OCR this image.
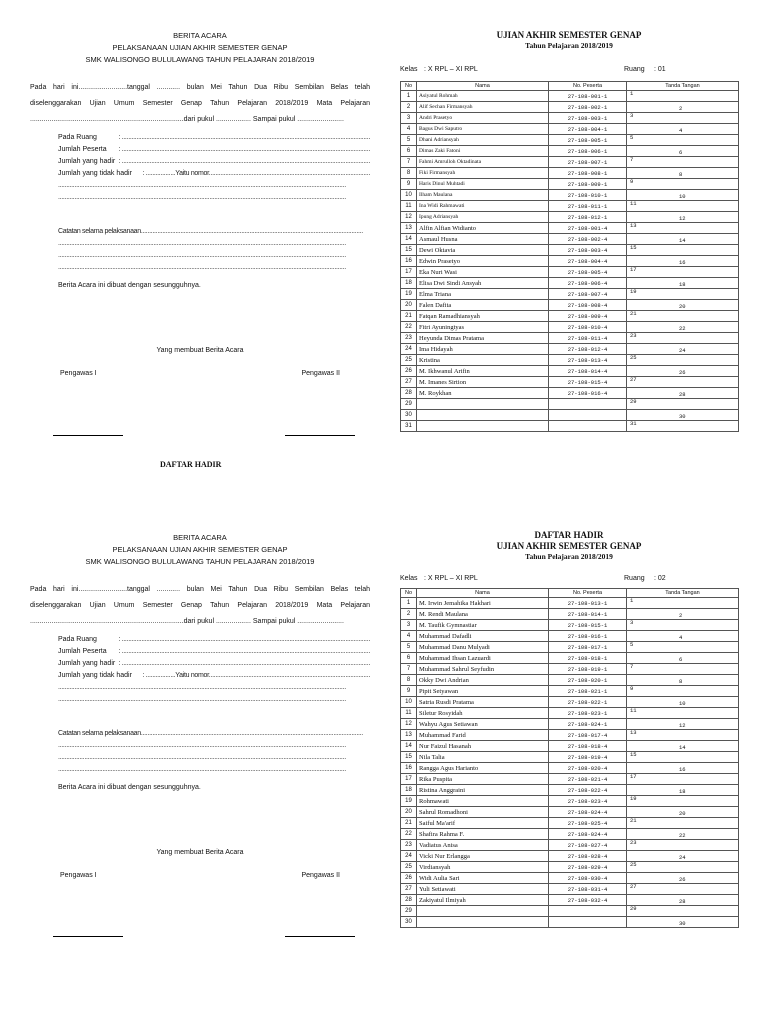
BERITA ACARA
PELAKSANAAN UJIAN AKHIR SEMESTER GENAP
SMK WALISONGO BULULAWANG TAHUN PELAJARAN 2018/2019
Pada hari ini.........................tanggal ............ bulan Mei Tahun Dua Ribu Sembilan Belas telah diselenggarakan Ujian Umum Semester Genap Tahun Pelajaran 2018/2019 Mata Pelajaran ...............................................................................dari pukul .................. Sampai pukul ........................
Pada Ruang	: .......................................................................................................................................................
Jumlah Peserta	: .......................................................................................................................................................
Jumlah yang hadir : .......................................................................................................................................................
Jumlah yang tidak hadir	: ..................Yaitu nomor..................................................................................................
...............................................................................................................................................................................
...............................................................................................................................................................................
Catatan selama pelaksanaan.......................................................................................................................................
...............................................................................................................................................................................
...............................................................................................................................................................................
...............................................................................................................................................................................
Berita Acara ini dibuat dengan sesungguhnya.
Yang membuat Berita Acara
Pengawas I	Pengawas II
UJIAN AKHIR SEMESTER GENAP
Tahun Pelajaran 2018/2019
Kelas : X RPL – XI RPL	Ruang	: 01
No	Nama	No. Peserta	Tanda Tangan
1	Asiyatul Rohmah	27-108-001-1	1

2	Alif Sechan Firmansyah	27-108-002-1	2

3	Andri Prasetyo	27-108-003-1	3

4	Bagus Dwi Saputro	27-108-004-1	4

5	Dhani Adriansyah	27-108-005-1	5

6	Dimas Zaki Fatoni	27-108-006-1	6

7	Fahmi Amrulloh Oktadinata	27-108-007-1	7

8	Fiki Firmansyah	27-108-008-1	8

9	Haris Dinul Muhtadi	27-108-009-1	9

10	Ilham Maulana	27-108-010-1	10

11	Ina Widi Rahmawati	27-108-011-1	11

12	Ipung Adriansyah	27-108-012-1	12

13	Alfin Alfian Widianto	27-108-001-4	13

14	Asmaul Husna	27-108-002-4	14

15	Dewi Oktavia	27-108-003-4	15

16	Edwin Prasetyo	27-108-004-4	16

17	Eka Nuri Wasi	27-108-005-4	17

18	Elisa Dwi Sindi Ansyah	27-108-006-4	18

19	Elma Triana	27-108-007-4	19

20	Falen Dafita	27-108-008-4	20

21	Fatqan Ramadhiansyah	27-108-009-4	21

22	Fitri Ayuningtyas	27-108-010-4	22

23	Heyunda Dimas Pratama	27-108-011-4	23

24	Ima Hidayah	27-108-012-4	24

25	Kristina	27-108-013-4	25

26	M. Ikhwanul Arifin	27-108-014-4	26

27	M. Imanes Sirtion	27-108-015-4	27

28	M. Roykhan	27-108-016-4	28

29			29

30			30

31			31
DAFTAR HADIR
BERITA ACARA
PELAKSANAAN UJIAN AKHIR SEMESTER GENAP
SMK WALISONGO BULULAWANG TAHUN PELAJARAN 2018/2019
Pada hari ini.........................tanggal ............ bulan Mei Tahun Dua Ribu Sembilan Belas telah diselenggarakan Ujian Umum Semester Genap Tahun Pelajaran 2018/2019 Mata Pelajaran ...............................................................................dari pukul .................. Sampai pukul ........................
Pada Ruang	: .......................................................................................................................................................
Jumlah Peserta	: .......................................................................................................................................................
Jumlah yang hadir : .......................................................................................................................................................
Jumlah yang tidak hadir	: ..................Yaitu nomor..................................................................................................
...............................................................................................................................................................................
...............................................................................................................................................................................
Catatan selama pelaksanaan.......................................................................................................................................
...............................................................................................................................................................................
...............................................................................................................................................................................
...............................................................................................................................................................................
Berita Acara ini dibuat dengan sesungguhnya.
Yang membuat Berita Acara
Pengawas I	Pengawas II
DAFTAR HADIR
UJIAN AKHIR SEMESTER GENAP
Tahun Pelajaran 2018/2019
Kelas : X RPL – XI RPL	Ruang	: 02
No	Nama	No. Peserta	Tanda Tangan
1	M. Irwin Jemahika Hakhari	27-108-013-1	1

2	M. Rendi Maulana	27-108-014-1	2

3	M. Taufik Gymnastiar	27-108-015-1	3

4	Muhammad Dafadli	27-108-016-1	4

5	Muhammad Danu Mulyadi	27-108-017-1	5

6	Muhammad Ihsan Lazuardi	27-108-018-1	6

7	Muhammad Sahrul Seyfudin	27-108-019-1	7

8	Okky Dwi Andrian	27-108-020-1	8

9	Pipit Setyawan	27-108-021-1	9

10	Satria Rusdi Pratama	27-108-022-1	10

11	Siletur Rosyidah	27-108-023-1	11

12	Wahyu Agus Setiawan	27-108-024-1	12

13	Muhammad Farid	27-108-017-4	13

14	Nur Faizul Hasanah	27-108-018-4	14

15	Nila Talia	27-108-019-4	15

16	Rangga Agus Harianto	27-108-020-4	16

17	Rika Puspita	27-108-021-4	17

18	Ristina Anggraini	27-108-022-4	18

19	Rohmawati	27-108-023-4	19

20	Sahrul Romadhoni	27-108-024-4	20

21	Saiful Ma'arif	27-108-025-4	21

22	Shafira Rahma F.	27-108-024-4	22

23	Vadiatus Anisa	27-108-027-4	23

24	Vicki Nur Erlangga	27-108-028-4	24

25	Virdiansyah	27-108-029-4	25

26	Widi Aulia Sari	27-108-030-4	26

27	Yuli Setiawati	27-108-031-4	27

28	Zakiyatul Ilmiyah	27-108-032-4	28

29			29

30			30
